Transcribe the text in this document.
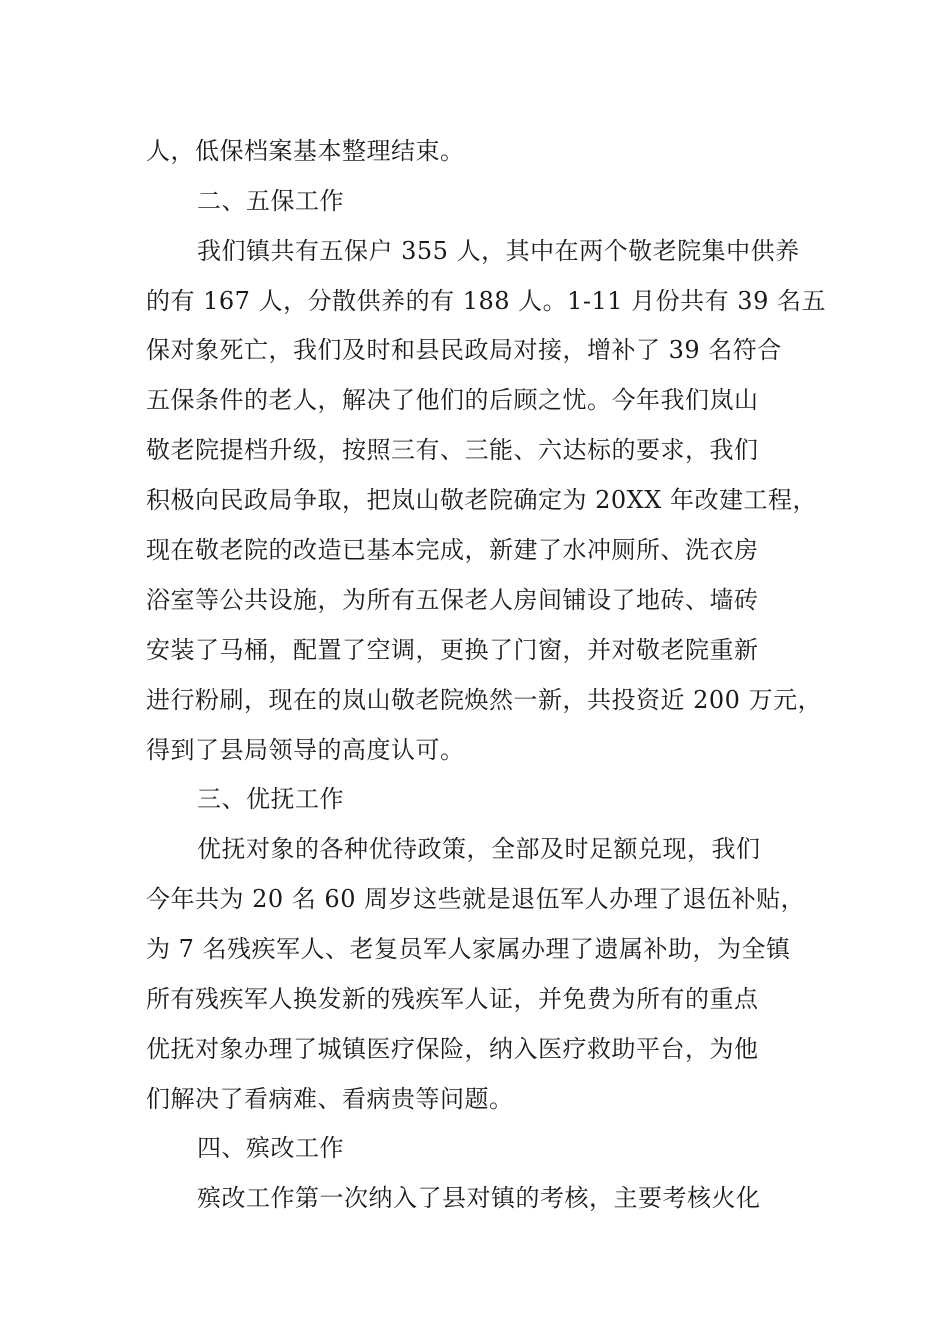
人，低保档案基本整理结束。
二、五保工作
我们镇共有五保户 355 人，其中在两个敬老院集中供养
的有 167 人，分散供养的有 188 人。1-11 月份共有 39 名五
保对象死亡，我们及时和县民政局对接，增补了 39 名符合
五保条件的老人，解决了他们的后顾之忧。今年我们岚山
敬老院提档升级，按照三有、三能、六达标的要求，我们
积极向民政局争取，把岚山敬老院确定为 20XX 年改建工程，
现在敬老院的改造已基本完成，新建了水冲厕所、洗衣房
浴室等公共设施，为所有五保老人房间铺设了地砖、墙砖
安装了马桶，配置了空调，更换了门窗，并对敬老院重新
进行粉刷，现在的岚山敬老院焕然一新，共投资近 200 万元，
得到了县局领导的高度认可。
三、优抚工作
优抚对象的各种优待政策，全部及时足额兑现，我们
今年共为 20 名 60 周岁这些就是退伍军人办理了退伍补贴，
为 7 名残疾军人、老复员军人家属办理了遗属补助，为全镇
所有残疾军人换发新的残疾军人证，并免费为所有的重点
优抚对象办理了城镇医疗保险，纳入医疗救助平台，为他
们解决了看病难、看病贵等问题。
四、殡改工作
殡改工作第一次纳入了县对镇的考核，主要考核火化
